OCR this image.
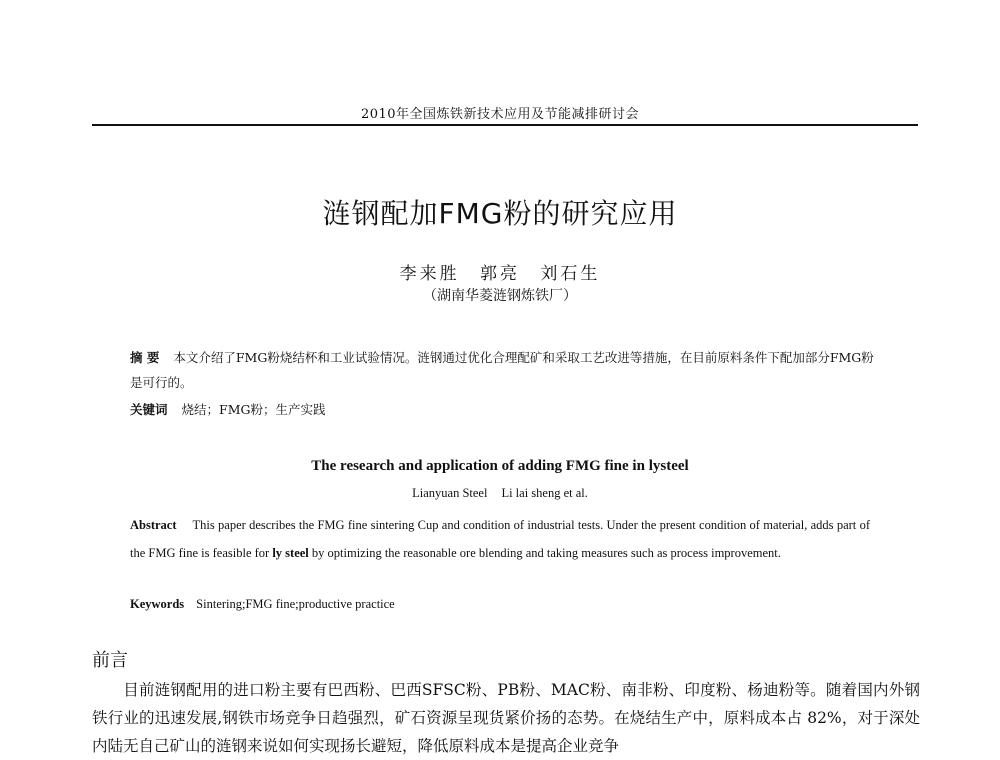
2010年全国炼铁新技术应用及节能减排研讨会
涟钢配加FMG粉的研究应用
李来胜 郭亮 刘石生
（湖南华菱涟钢炼铁厂）
摘 要 本文介绍了FMG粉烧结杯和工业试验情况。涟钢通过优化合理配矿和采取工艺改进等措施，在目前原料条件下配加部分FMG粉是可行的。
关键词 烧结；FMG粉；生产实践
The research and application of adding FMG fine in lysteel
Lianyuan Steel Li lai sheng et al.
Abstract This paper describes the FMG fine sintering Cup and condition of industrial tests. Under the present condition of material, adds part of the FMG fine is feasible for ly steel by optimizing the reasonable ore blending and taking measures such as process improvement.
Keywords Sintering;FMG fine;productive practice
前言
目前涟钢配用的进口粉主要有巴西粉、巴西SFSC粉、PB粉、MAC粉、南非粉、印度粉、杨迪粉等。随着国内外钢铁行业的迅速发展,钢铁市场竞争日趋强烈，矿石资源呈现货紧价扬的态势。在烧结生产中，原料成本占 82%，对于深处内陆无自己矿山的涟钢来说如何实现扬长避短，降低原料成本是提高企业竞争
